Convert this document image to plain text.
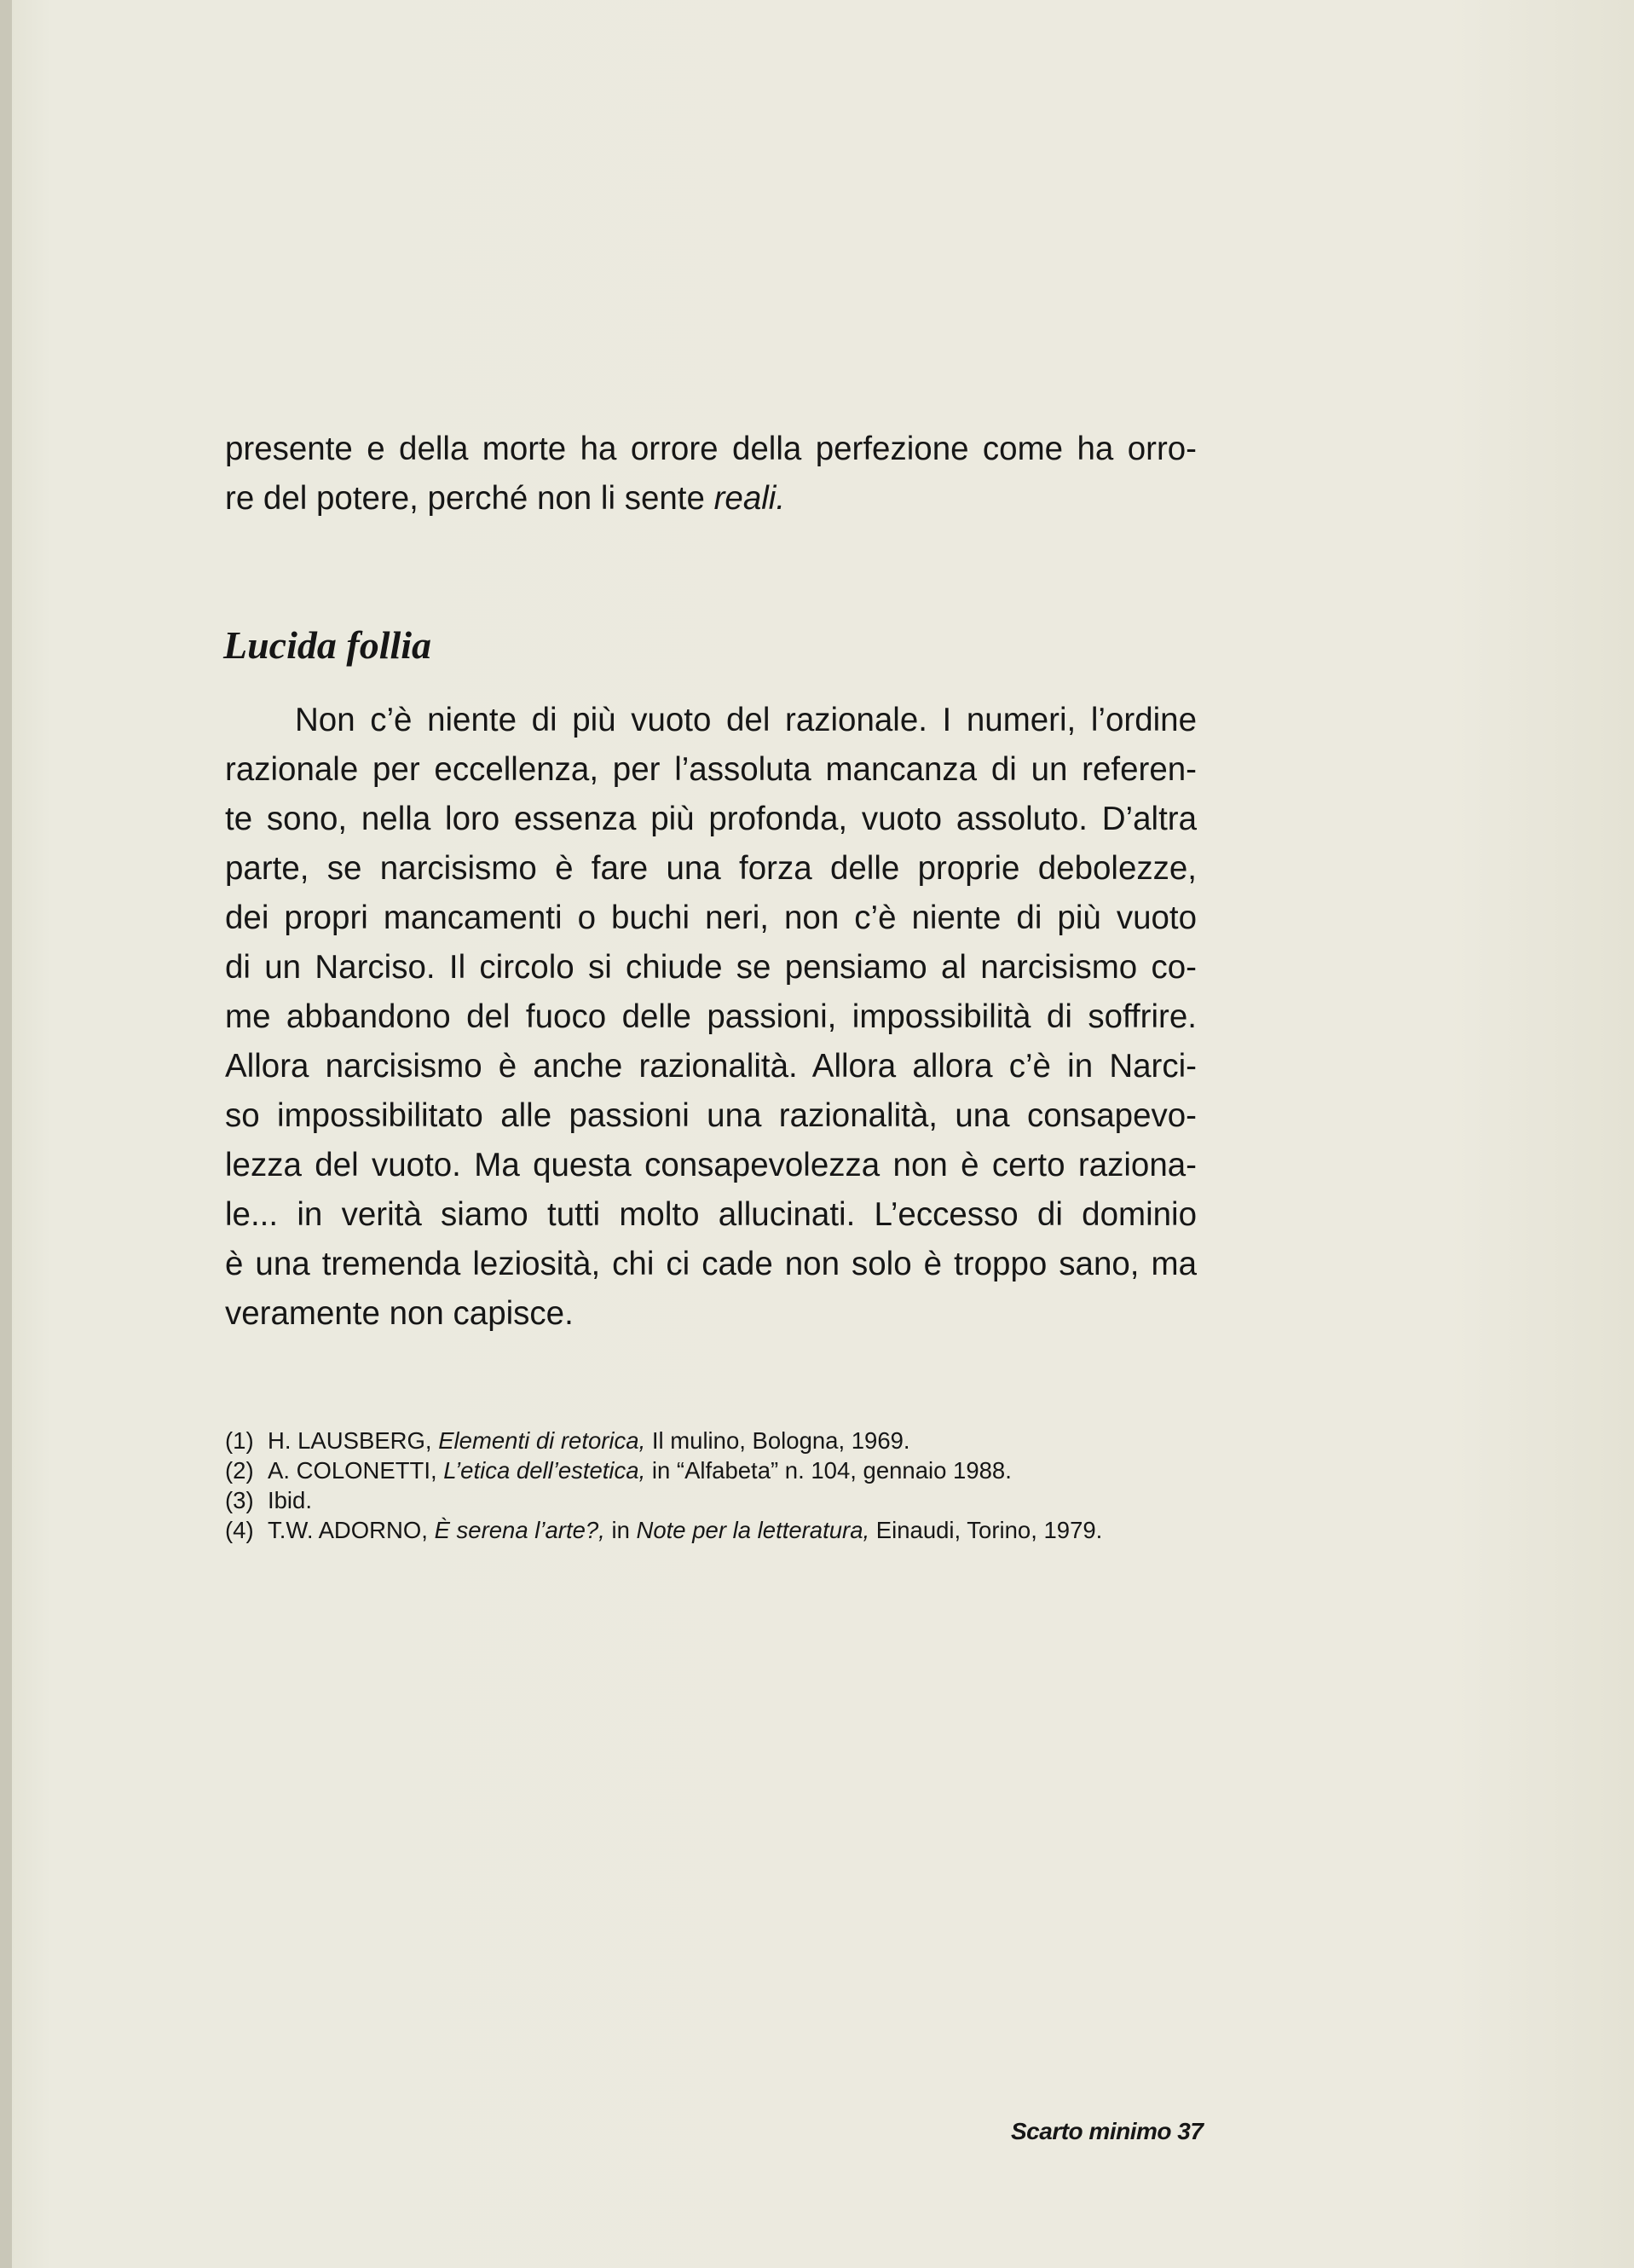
presente e della morte ha orrore della perfezione come ha orro-
re del potere, perché non li sente reali.

Lucida follia

Non c’è niente di più vuoto del razionale. I numeri, l’ordine
razionale per eccellenza, per l’assoluta mancanza di un referen-
te sono, nella loro essenza più profonda, vuoto assoluto. D’altra
parte, se narcisismo è fare una forza delle proprie debolezze,
dei propri mancamenti o buchi neri, non c’è niente di più vuoto
di un Narciso. Il circolo si chiude se pensiamo al narcisismo co-
me abbandono del fuoco delle passioni, impossibilità di soffrire.
Allora narcisismo è anche razionalità. Allora allora c’è in Narci-
so impossibilitato alle passioni una razionalità, una consapevo-
lezza del vuoto. Ma questa consapevolezza non è certo raziona-
le... in verità siamo tutti molto allucinati. L’eccesso di dominio
è una tremenda leziosità, chi ci cade non solo è troppo sano, ma
veramente non capisce.

(1) H. LAUSBERG, Elementi di retorica, Il mulino, Bologna, 1969.
(2) A. COLONETTI, L’etica dell’estetica, in “Alfabeta” n. 104, gennaio 1988.
(3) Ibid.
(4) T.W. ADORNO, È serena l’arte?, in Note per la letteratura, Einaudi, Torino, 1979.
Scarto minimo 37
